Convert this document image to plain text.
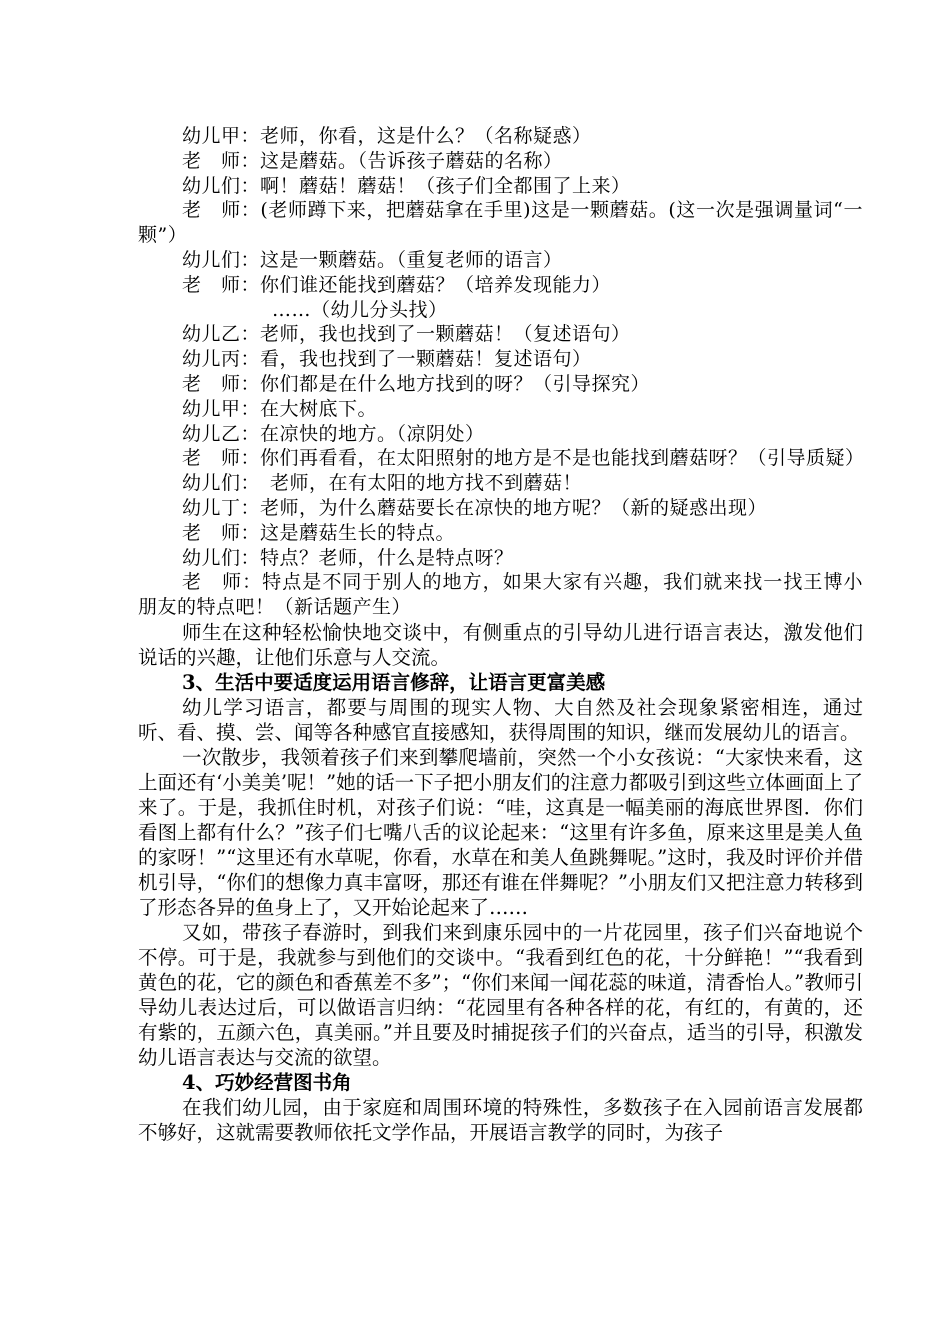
幼儿甲：老师，你看，这是什么？（名称疑惑）
老　师：这是蘑菇。（告诉孩子蘑菇的名称）
幼儿们：啊！蘑菇！蘑菇！（孩子们全都围了上来）
老　师：(老师蹲下来，把蘑菇拿在手里)这是一颗蘑菇。(这一次是强调量词“一颗”）
幼儿们：这是一颗蘑菇。（重复老师的语言）
老　师：你们谁还能找到蘑菇？（培养发现能力）
……（幼儿分头找）
幼儿乙：老师，我也找到了一颗蘑菇！（复述语句）
幼儿丙：看，我也找到了一颗蘑菇！复述语句）
老　师：你们都是在什么地方找到的呀？（引导探究）
幼儿甲：在大树底下。
幼儿乙：在凉快的地方。（凉阴处）
老　师：你们再看看，在太阳照射的地方是不是也能找到蘑菇呀？（引导质疑）
幼儿们：　老师，在有太阳的地方找不到蘑菇！
幼儿丁：老师，为什么蘑菇要长在凉快的地方呢？（新的疑惑出现）
老　师：这是蘑菇生长的特点。
幼儿们：特点？老师，什么是特点呀？
老　师：特点是不同于别人的地方，如果大家有兴趣，我们就来找一找王博小朋友的特点吧！（新话题产生）

师生在这种轻松愉快地交谈中，有侧重点的引导幼儿进行语言表达，激发他们说话的兴趣，让他们乐意与人交流。

3、生活中要适度运用语言修辞，让语言更富美感

幼儿学习语言，都要与周围的现实人物、大自然及社会现象紧密相连，通过听、看、摸、尝、闻等各种感官直接感知，获得周围的知识，继而发展幼儿的语言。

一次散步，我领着孩子们来到攀爬墙前，突然一个小女孩说：“大家快来看，这上面还有‘小美美’呢！”她的话一下子把小朋友们的注意力都吸引到这些立体画面上了来了。于是，我抓住时机，对孩子们说：“哇，这真是一幅美丽的海底世界图．你们看图上都有什么？”孩子们七嘴八舌的议论起来：“这里有许多鱼，原来这里是美人鱼的家呀！”“这里还有水草呢，你看，水草在和美人鱼跳舞呢。”这时，我及时评价并借机引导，“你们的想像力真丰富呀，那还有谁在伴舞呢？”小朋友们又把注意力转移到了形态各异的鱼身上了，又开始论起来了……

又如，带孩子春游时，到我们来到康乐园中的一片花园里，孩子们兴奋地说个不停。可于是，我就参与到他们的交谈中。“我看到红色的花，十分鲜艳！”“我看到黄色的花，它的颜色和香蕉差不多”；“你们来闻一闻花蕊的味道，清香怡人。”教师引导幼儿表达过后，可以做语言归纳：“花园里有各种各样的花，有红的，有黄的，还有紫的，五颜六色，真美丽。”并且要及时捕捉孩子们的兴奋点，适当的引导，积激发幼儿语言表达与交流的欲望。

4、巧妙经营图书角

在我们幼儿园，由于家庭和周围环境的特殊性，多数孩子在入园前语言发展都不够好，这就需要教师依托文学作品，开展语言教学的同时，为孩子
